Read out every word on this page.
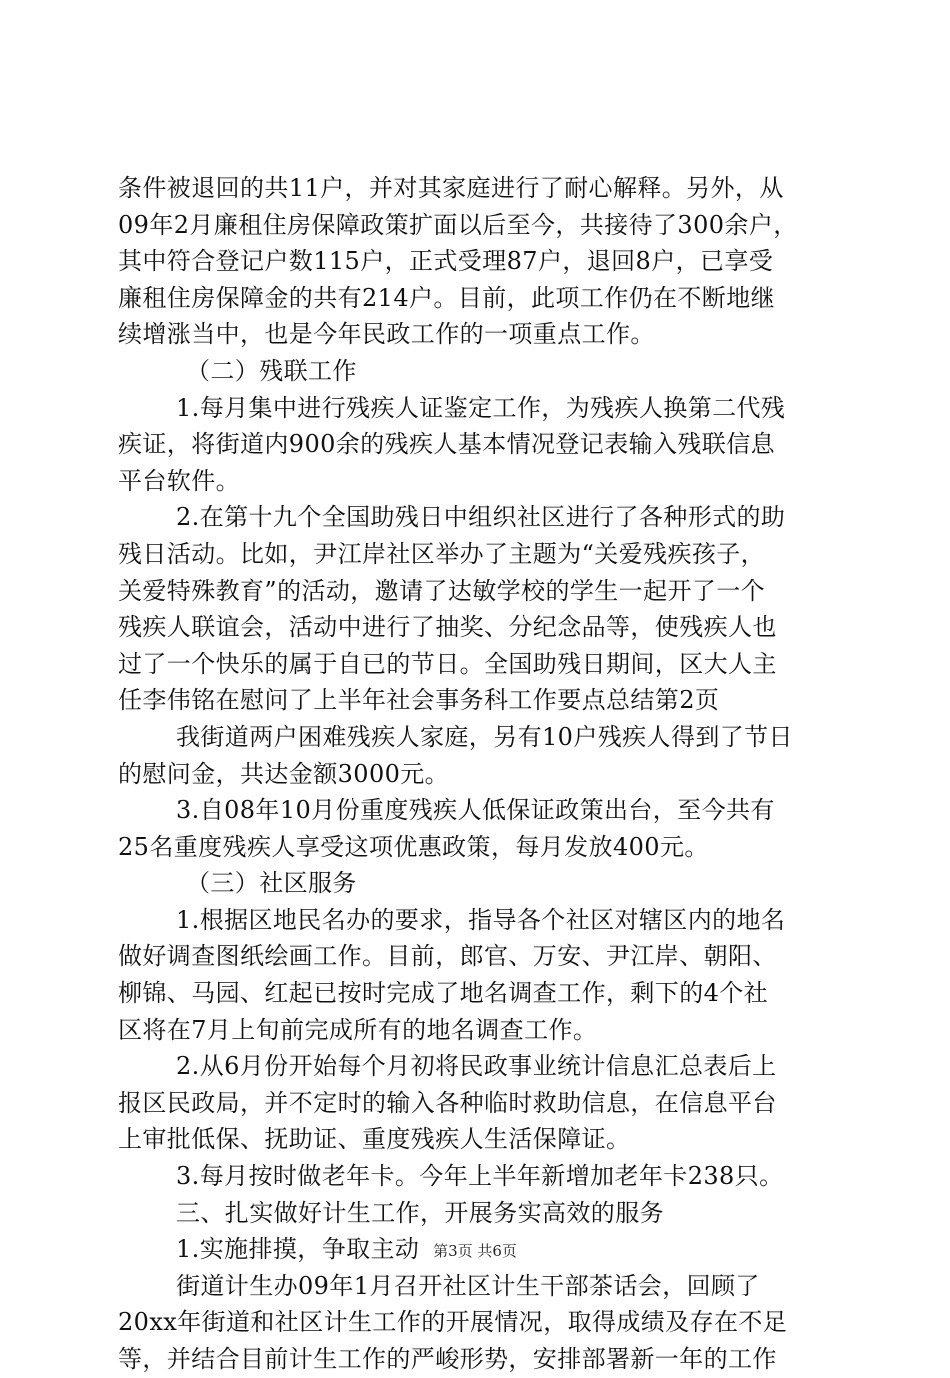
条件被退回的共11户，并对其家庭进行了耐心解释。另外，从
09年2月廉租住房保障政策扩面以后至今，共接待了300余户，
其中符合登记户数115户，正式受理87户，退回8户，已享受
廉租住房保障金的共有214户。目前，此项工作仍在不断地继
续增涨当中，也是今年民政工作的一项重点工作。
（二）残联工作
1.每月集中进行残疾人证鉴定工作，为残疾人换第二代残
疾证，将街道内900余的残疾人基本情况登记表输入残联信息
平台软件。
2.在第十九个全国助残日中组织社区进行了各种形式的助
残日活动。比如，尹江岸社区举办了主题为“关爱残疾孩子，
关爱特殊教育”的活动，邀请了达敏学校的学生一起开了一个
残疾人联谊会，活动中进行了抽奖、分纪念品等，使残疾人也
过了一个快乐的属于自已的节日。全国助残日期间，区大人主
任李伟铭在慰问了上半年社会事务科工作要点总结第2页
我街道两户困难残疾人家庭，另有10户残疾人得到了节日
的慰问金，共达金额3000元。
3.自08年10月份重度残疾人低保证政策出台，至今共有
25名重度残疾人享受这项优惠政策，每月发放400元。
（三）社区服务
1.根据区地民名办的要求，指导各个社区对辖区内的地名
做好调查图纸绘画工作。目前，郎官、万安、尹江岸、朝阳、
柳锦、马园、红起已按时完成了地名调查工作，剩下的4个社
区将在7月上旬前完成所有的地名调查工作。
2.从6月份开始每个月初将民政事业统计信息汇总表后上
报区民政局，并不定时的输入各种临时救助信息，在信息平台
上审批低保、抚助证、重度残疾人生活保障证。
3.每月按时做老年卡。今年上半年新增加老年卡238只。
三、扎实做好计生工作，开展务实高效的服务
1.实施排摸，争取主动
街道计生办09年1月召开社区计生干部茶话会，回顾了
20xx年街道和社区计生工作的开展情况，取得成绩及存在不足
等，并结合目前计生工作的严峻形势，安排部署新一年的工作
第3页 共6页
